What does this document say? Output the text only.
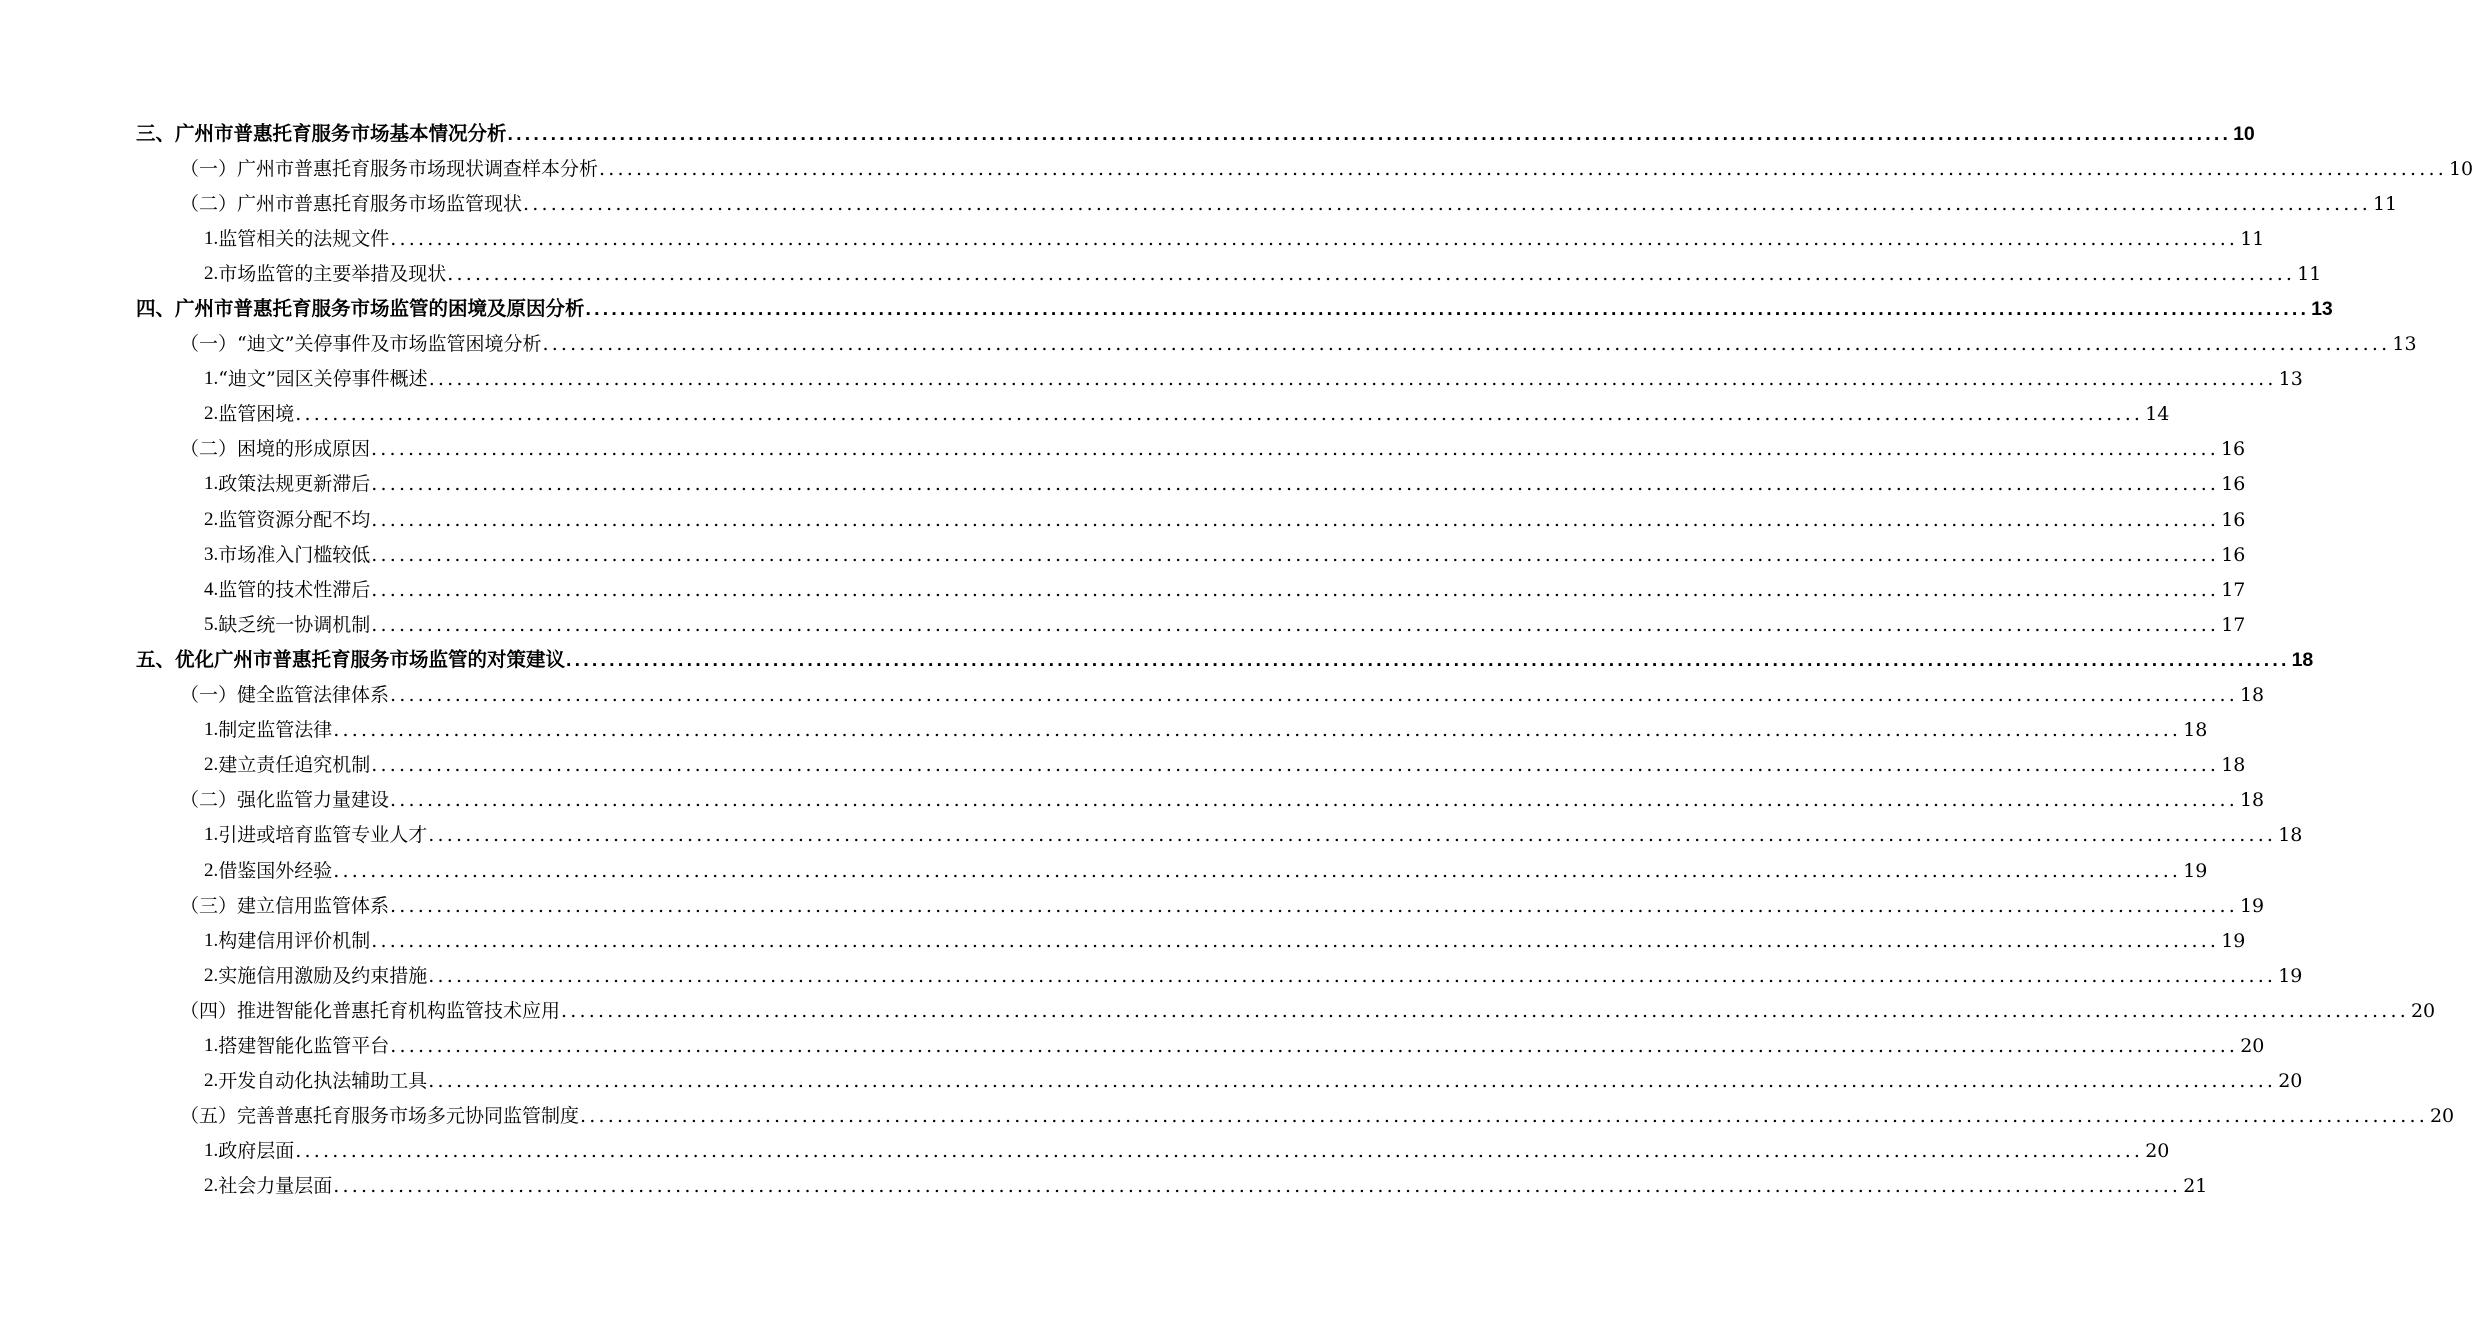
三、 广州市普惠托育服务市场基本情况分析 ........................................................................................................................................................................................................ 10
（一） 广州市普惠托育服务市场现状调查样本分析 ........................................................................................................................................................................................................ 10
（二） 广州市普惠托育服务市场监管现状 ........................................................................................................................................................................................................ 11
1. 监管相关的法规文件 ........................................................................................................................................................................................................ 11
2. 市场监管的主要举措及现状 ........................................................................................................................................................................................................ 11
四、 广州市普惠托育服务市场监管的困境及原因分析 ........................................................................................................................................................................................................ 13
（一） “迪文”关停事件及市场监管困境分析 ........................................................................................................................................................................................................ 13
1. “迪文”园区关停事件概述 ........................................................................................................................................................................................................ 13
2. 监管困境 ........................................................................................................................................................................................................ 14
（二） 困境的形成原因 ........................................................................................................................................................................................................ 16
1. 政策法规更新滞后 ........................................................................................................................................................................................................ 16
2. 监管资源分配不均 ........................................................................................................................................................................................................ 16
3. 市场准入门槛较低 ........................................................................................................................................................................................................ 16
4. 监管的技术性滞后 ........................................................................................................................................................................................................ 17
5. 缺乏统一协调机制 ........................................................................................................................................................................................................ 17
五、 优化广州市普惠托育服务市场监管的对策建议 ........................................................................................................................................................................................................ 18
（一） 健全监管法律体系 ........................................................................................................................................................................................................ 18
1. 制定监管法律 ........................................................................................................................................................................................................ 18
2. 建立责任追究机制 ........................................................................................................................................................................................................ 18
（二） 强化监管力量建设 ........................................................................................................................................................................................................ 18
1. 引进或培育监管专业人才 ........................................................................................................................................................................................................ 18
2. 借鉴国外经验 ........................................................................................................................................................................................................ 19
（三） 建立信用监管体系 ........................................................................................................................................................................................................ 19
1. 构建信用评价机制 ........................................................................................................................................................................................................ 19
2. 实施信用激励及约束措施 ........................................................................................................................................................................................................ 19
（四） 推进智能化普惠托育机构监管技术应用 ........................................................................................................................................................................................................ 20
1. 搭建智能化监管平台 ........................................................................................................................................................................................................ 20
2. 开发自动化执法辅助工具 ........................................................................................................................................................................................................ 20
（五） 完善普惠托育服务市场多元协同监管制度 ........................................................................................................................................................................................................ 20
1. 政府层面 ........................................................................................................................................................................................................ 20
2. 社会力量层面 ........................................................................................................................................................................................................ 21
